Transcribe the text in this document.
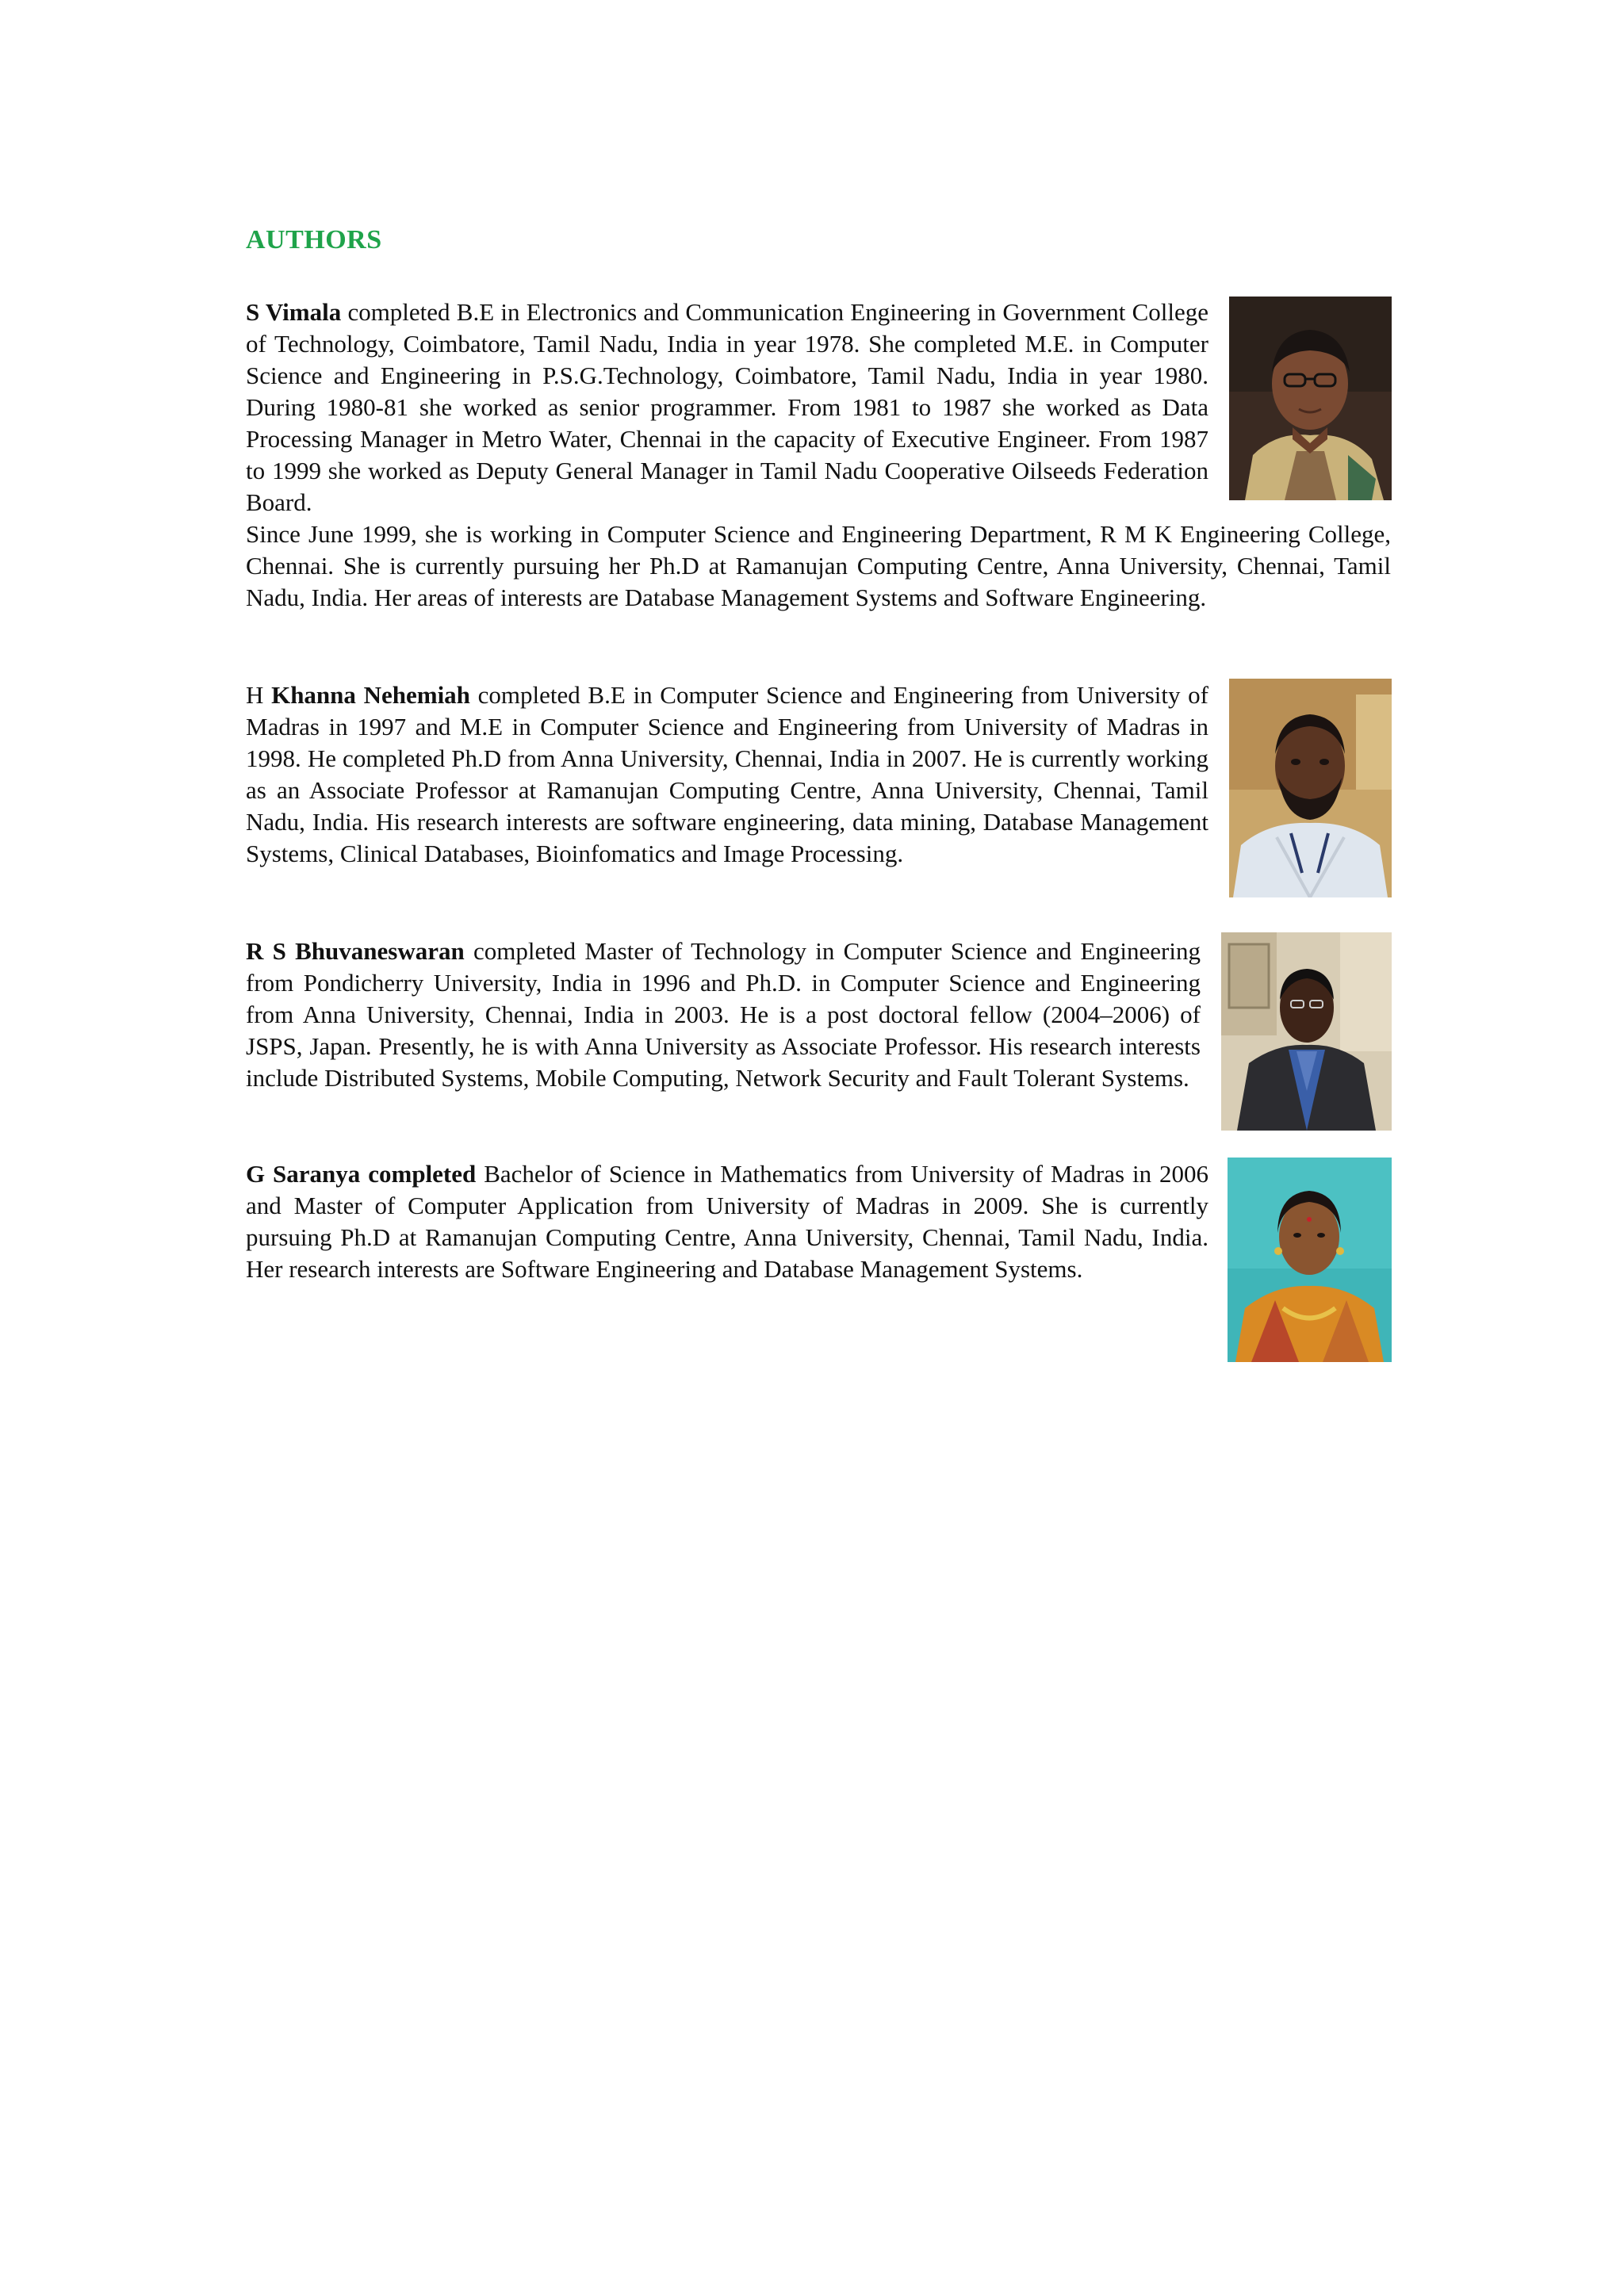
AUTHORS

S Vimala completed B.E in Electronics and Communication Engineering in Government College of Technology, Coimbatore, Tamil Nadu, India in year 1978. She completed M.E. in Computer Science and Engineering in P.S.G.Technology, Coimbatore, Tamil Nadu, India in year 1980. During 1980-81 she worked as senior programmer. From 1981 to 1987 she worked as Data Processing Manager in Metro Water, Chennai in the capacity of Executive Engineer. From 1987 to 1999 she worked as Deputy General Manager in Tamil Nadu Cooperative Oilseeds Federation Board.

Since June 1999, she is working in Computer Science and Engineering Department, R M K Engineering College, Chennai. She is currently pursuing her Ph.D at Ramanujan Computing Centre, Anna University, Chennai, Tamil Nadu, India. Her areas of interests are Database Management Systems and Software Engineering.

H Khanna Nehemiah completed B.E in Computer Science and Engineering from University of Madras in 1997 and M.E in Computer Science and Engineering from University of Madras in 1998. He completed Ph.D from Anna University, Chennai, India in 2007. He is currently working as an Associate Professor at Ramanujan Computing Centre, Anna University, Chennai, Tamil Nadu, India. His research interests are software engineering, data mining, Database Management Systems, Clinical Databases, Bioinfomatics and Image Processing.

R S Bhuvaneswaran completed Master of Technology in Computer Science and Engineering from Pondicherry University, India in 1996 and Ph.D. in Computer Science and Engineering from Anna University, Chennai, India in 2003. He is a post doctoral fellow (2004–2006) of JSPS, Japan. Presently, he is with Anna University as Associate Professor. His research interests include Distributed Systems, Mobile Computing, Network Security and Fault Tolerant Systems.

G Saranya completed Bachelor of Science in Mathematics from University of Madras in 2006 and Master of Computer Application from University of Madras in 2009. She is currently pursuing Ph.D at Ramanujan Computing Centre, Anna University, Chennai, Tamil Nadu, India. Her research interests are Software Engineering and Database Management Systems.
